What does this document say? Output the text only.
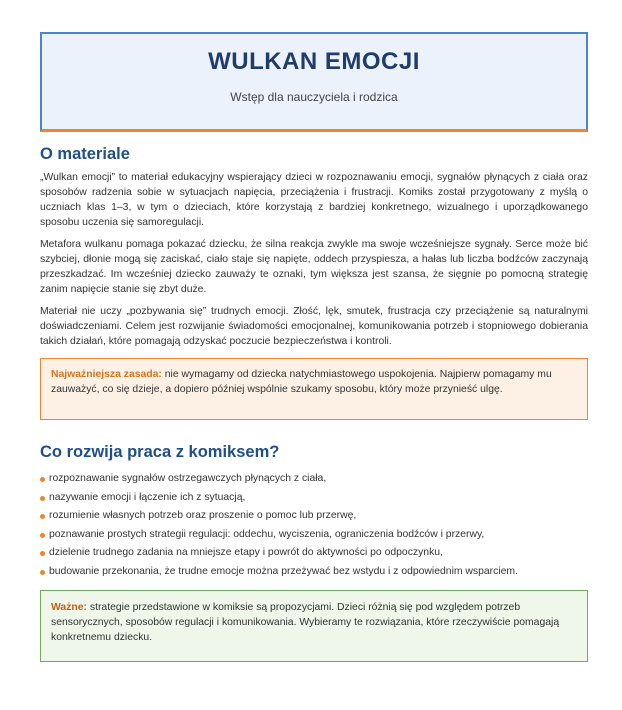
WULKAN EMOCJI
Wstęp dla nauczyciela i rodzica
O materiale

„Wulkan emocji” to materiał edukacyjny wspierający dzieci w rozpoznawaniu emocji, sygnałów płynących z ciała oraz sposobów radzenia sobie w sytuacjach napięcia, przeciążenia i frustracji. Komiks został przygotowany z myślą o uczniach klas 1–3, w tym o dzieciach, które korzystają z bardziej konkretnego, wizualnego i uporządkowanego sposobu uczenia się samoregulacji.

Metafora wulkanu pomaga pokazać dziecku, że silna reakcja zwykle ma swoje wcześniejsze sygnały. Serce może bić szybciej, dłonie mogą się zaciskać, ciało staje się napięte, oddech przyspiesza, a hałas lub liczba bodźców zaczynają przeszkadzać. Im wcześniej dziecko zauważy te oznaki, tym większa jest szansa, że sięgnie po pomocną strategię zanim napięcie stanie się zbyt duże.

Materiał nie uczy „pozbywania się” trudnych emocji. Złość, lęk, smutek, frustracja czy przeciążenie są naturalnymi doświadczeniami. Celem jest rozwijanie świadomości emocjonalnej, komunikowania potrzeb i stopniowego dobierania takich działań, które pomagają odzyskać poczucie bezpieczeństwa i kontroli.

Najważniejsza zasada: nie wymagamy od dziecka natychmiastowego uspokojenia. Najpierw pomagamy mu zauważyć, co się dzieje, a dopiero później wspólnie szukamy sposobu, który może przynieść ulgę.
Co rozwija praca z komiksem?
rozpoznawanie sygnałów ostrzegawczych płynących z ciała,
nazywanie emocji i łączenie ich z sytuacją,
rozumienie własnych potrzeb oraz proszenie o pomoc lub przerwę,
poznawanie prostych strategii regulacji: oddechu, wyciszenia, ograniczenia bodźców i przerwy,
dzielenie trudnego zadania na mniejsze etapy i powrót do aktywności po odpoczynku,
budowanie przekonania, że trudne emocje można przeżywać bez wstydu i z odpowiednim wsparciem.
Ważne: strategie przedstawione w komiksie są propozycjami. Dzieci różnią się pod względem potrzeb sensorycznych, sposobów regulacji i komunikowania. Wybieramy te rozwiązania, które rzeczywiście pomagają konkretnemu dziecku.
